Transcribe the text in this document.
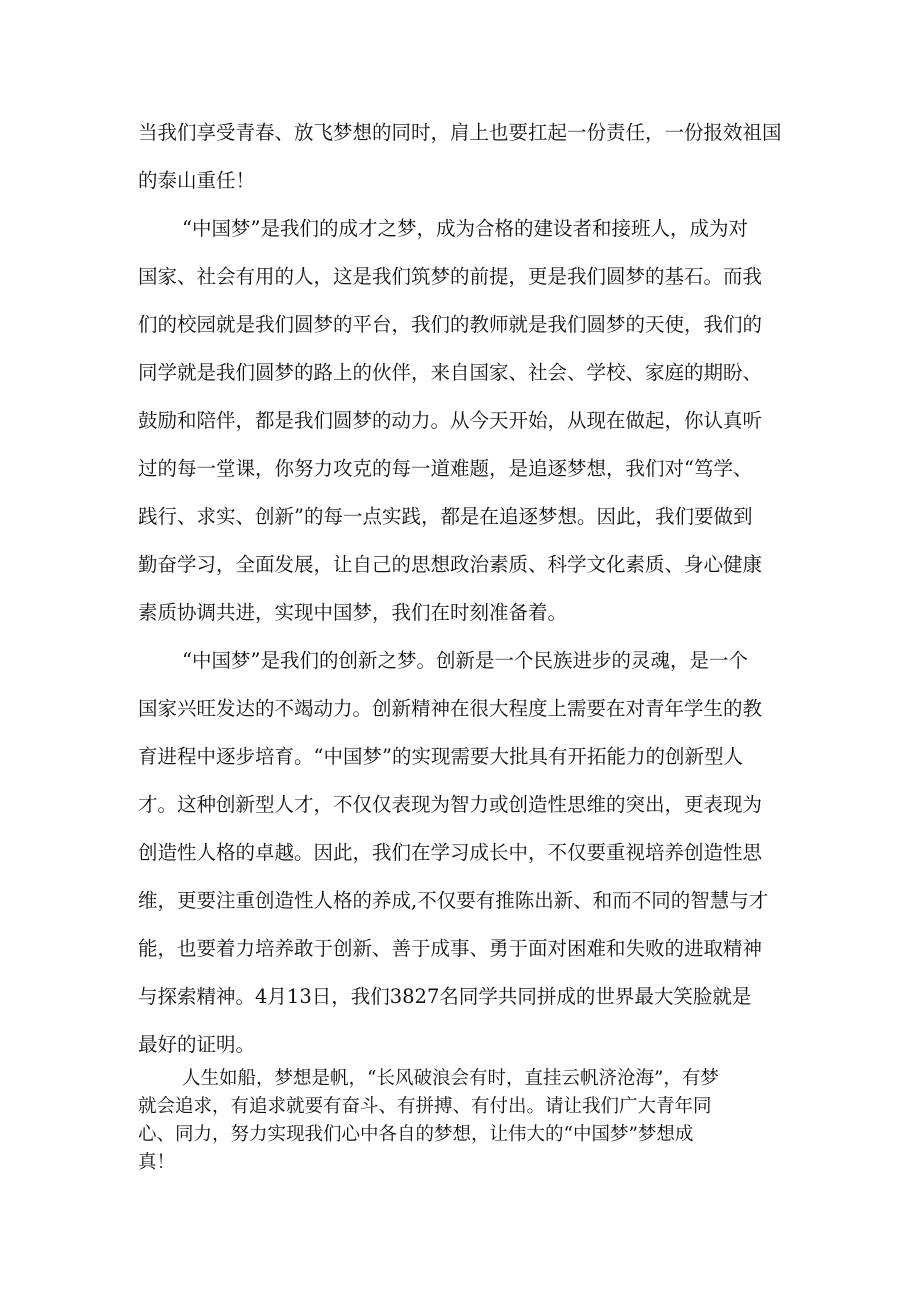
当我们享受青春、放飞梦想的同时，肩上也要扛起一份责任，一份报效祖国
的泰山重任！
“中国梦”是我们的成才之梦，成为合格的建设者和接班人，成为对
国家、社会有用的人，这是我们筑梦的前提，更是我们圆梦的基石。而我
们的校园就是我们圆梦的平台，我们的教师就是我们圆梦的天使，我们的
同学就是我们圆梦的路上的伙伴，来自国家、社会、学校、家庭的期盼、
鼓励和陪伴，都是我们圆梦的动力。从今天开始，从现在做起，你认真听
过的每一堂课，你努力攻克的每一道难题，是追逐梦想，我们对“笃学、
践行、求实、创新”的每一点实践，都是在追逐梦想。因此，我们要做到
勤奋学习，全面发展，让自己的思想政治素质、科学文化素质、身心健康
素质协调共进，实现中国梦，我们在时刻准备着。
“中国梦”是我们的创新之梦。创新是一个民族进步的灵魂，是一个
国家兴旺发达的不竭动力。创新精神在很大程度上需要在对青年学生的教
育进程中逐步培育。“中国梦”的实现需要大批具有开拓能力的创新型人
才。这种创新型人才，不仅仅表现为智力或创造性思维的突出，更表现为
创造性人格的卓越。因此，我们在学习成长中，不仅要重视培养创造性思
维，更要注重创造性人格的养成,不仅要有推陈出新、和而不同的智慧与才
能，也要着力培养敢于创新、善于成事、勇于面对困难和失败的进取精神
与探索精神。4月13日，我们3827名同学共同拼成的世界最大笑脸就是
最好的证明。
人生如船，梦想是帆，“长风破浪会有时，直挂云帆济沧海”，有梦
就会追求，有追求就要有奋斗、有拼搏、有付出。请让我们广大青年同
心、同力，努力实现我们心中各自的梦想，让伟大的“中国梦”梦想成
真！
